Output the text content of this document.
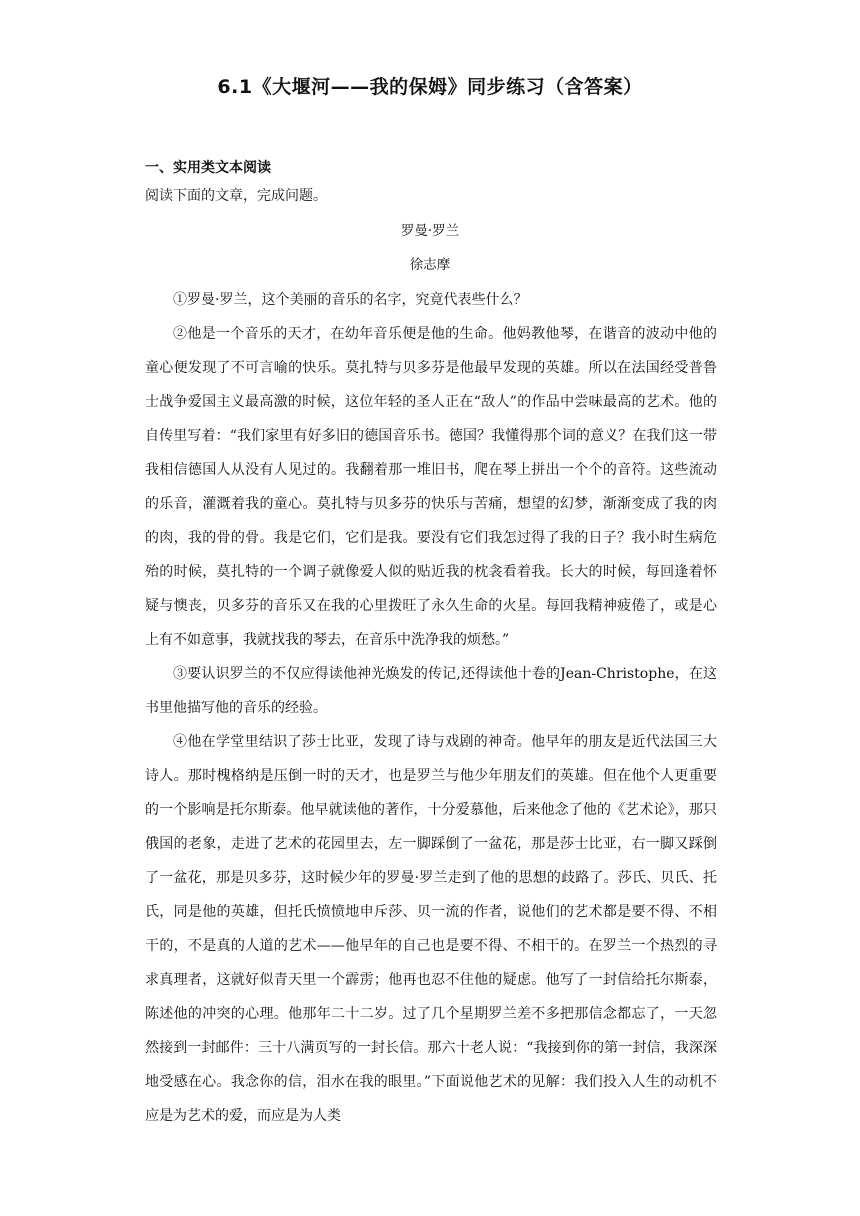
6.1《大堰河——我的保姆》同步练习（含答案）
一、实用类文本阅读
阅读下面的文章，完成问题。
罗曼·罗兰
徐志摩

①罗曼·罗兰，这个美丽的音乐的名字，究竟代表些什么？

②他是一个音乐的天才，在幼年音乐便是他的生命。他妈教他琴，在谐音的波动中他的童心便发现了不可言喻的快乐。莫扎特与贝多芬是他最早发现的英雄。所以在法国经受普鲁士战争爱国主义最高激的时候，这位年轻的圣人正在“敌人”的作品中尝味最高的艺术。他的自传里写着：“我们家里有好多旧的德国音乐书。德国？我懂得那个词的意义？在我们这一带我相信德国人从没有人见过的。我翻着那一堆旧书，爬在琴上拼出一个个的音符。这些流动的乐音，灌溉着我的童心。莫扎特与贝多芬的快乐与苦痛，想望的幻梦，渐渐变成了我的肉的肉，我的骨的骨。我是它们，它们是我。要没有它们我怎过得了我的日子？我小时生病危殆的时候，莫扎特的一个调子就像爱人似的贴近我的枕衾看着我。长大的时候，每回逢着怀疑与懊丧，贝多芬的音乐又在我的心里拨旺了永久生命的火星。每回我精神疲倦了，或是心上有不如意事，我就找我的琴去，在音乐中洗净我的烦愁。”

③要认识罗兰的不仅应得读他神光焕发的传记,还得读他十卷的Jean-Christophe，在这书里他描写他的音乐的经验。

④他在学堂里结识了莎士比亚，发现了诗与戏剧的神奇。他早年的朋友是近代法国三大诗人。那时槐格纳是压倒一时的天才，也是罗兰与他少年朋友们的英雄。但在他个人更重要的一个影响是托尔斯泰。他早就读他的著作，十分爱慕他，后来他念了他的《艺术论》，那只俄国的老象，走进了艺术的花园里去，左一脚踩倒了一盆花，那是莎士比亚，右一脚又踩倒了一盆花，那是贝多芬，这时候少年的罗曼·罗兰走到了他的思想的歧路了。莎氏、贝氏、托氏，同是他的英雄，但托氏愤愤地申斥莎、贝一流的作者，说他们的艺术都是要不得、不相干的，不是真的人道的艺术——他早年的自己也是要不得、不相干的。在罗兰一个热烈的寻求真理者，这就好似青天里一个霹雳；他再也忍不住他的疑虑。他写了一封信给托尔斯泰，陈述他的冲突的心理。他那年二十二岁。过了几个星期罗兰差不多把那信念都忘了，一天忽然接到一封邮件：三十八满页写的一封长信。那六十老人说：“我接到你的第一封信，我深深地受感在心。我念你的信，泪水在我的眼里。”下面说他艺术的见解：我们投入人生的动机不应是为艺术的爱，而应是为人类
